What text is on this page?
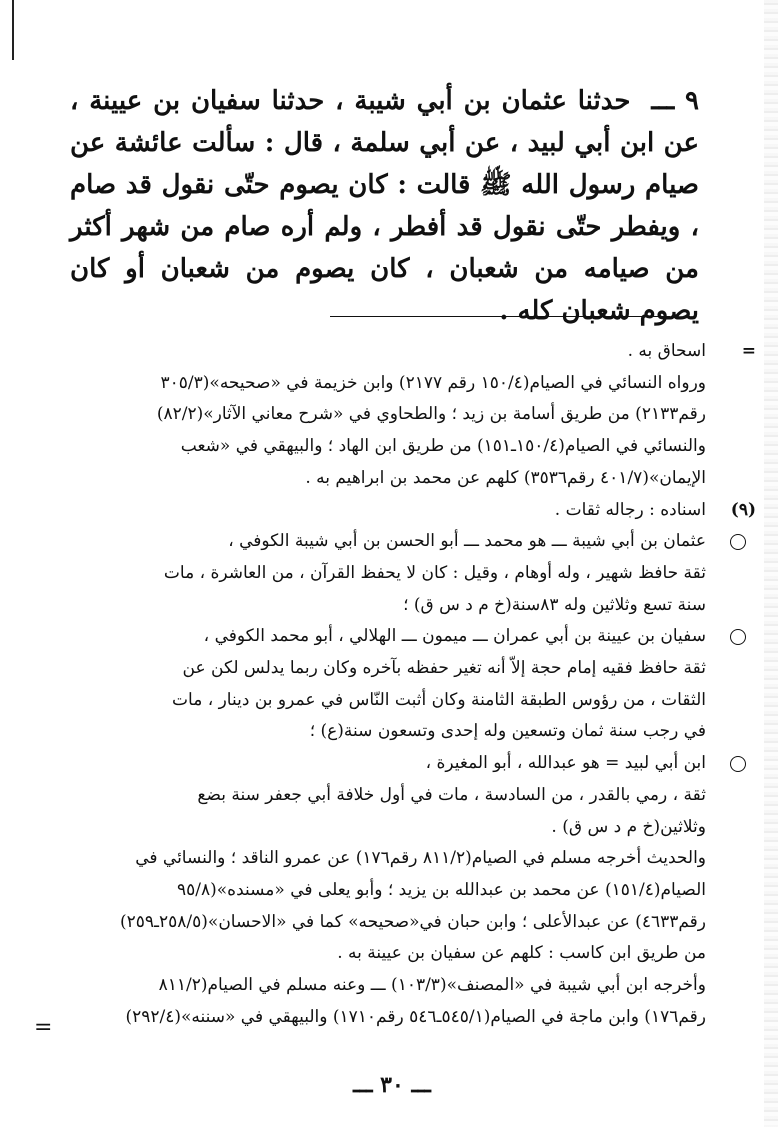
٩ ـــ حدثنا عثمان بن أبي شيبة ، حدثنا سفيان بن عيينة ، عن ابن أبي لبيد ، عن أبي سلمة ، قال : سألت عائشة عن صيام رسول الله ﷺ قالت : كان يصوم حتّى نقول قد صام ، ويفطر حتّى نقول قد أفطر ، ولم أره صام من شهر أكثر من صيامه من شعبان ، كان يصوم من شعبان أو كان يصوم شعبان كله .

=
اسحاق به .
ورواه النسائي في الصيام(١٥٠/٤ رقم ٢١٧٧) وابن خزيمة في «صحيحه»(٣٠٥/٣
رقم٢١٣٣) من طريق أسامة بن زيد ؛ والطحاوي في «شرح معاني الآثار»(٨٢/٢)
والنسائي في الصيام(١٥٠/٤ـ١٥١) من طريق ابن الهاد ؛ والبيهقي في «شعب
الإيمان»(٤٠١/٧ رقم٣٥٣٦) كلهم عن محمد بن ابراهيم به .
(٩)
اسناده : رجاله ثقات .
عثمان بن أبي شيبة ـــ هو محمد ـــ أبو الحسن بن أبي شيبة الكوفي ،
ثقة حافظ شهير ، وله أوهام ، وقيل : كان لا يحفظ القرآن ، من العاشرة ، مات
سنة تسع وثلاثين وله ٨٣سنة(خ م د س ق) ؛
سفيان بن عيينة بن أبي عمران ـــ ميمون ـــ الهلالي ، أبو محمد الكوفي ،
ثقة حافظ فقيه إمام حجة إلاّ أنه تغير حفظه بآخره وكان ربما يدلس لكن عن
الثقات ، من رؤوس الطبقة الثامنة وكان أثبت النّاس في عمرو بن دينار ، مات
في رجب سنة ثمان وتسعين وله إحدى وتسعون سنة(ع) ؛
ابن أبي لبيد = هو عبدالله ، أبو المغيرة ،
ثقة ، رمي بالقدر ، من السادسة ، مات في أول خلافة أبي جعفر سنة بضع
وثلاثين(خ م د س ق) .
والحديث أخرجه مسلم في الصيام(٨١١/٢ رقم١٧٦) عن عمرو الناقد ؛ والنسائي في
الصيام(١٥١/٤) عن محمد بن عبدالله بن يزيد ؛ وأبو يعلى في «مسنده»(٩٥/٨
رقم٤٦٣٣) عن عبدالأعلى ؛ وابن حبان في«صحيحه» كما في «الاحسان»(٢٥٨/٥ـ٢٥٩)
من طريق ابن كاسب : كلهم عن سفيان بن عيينة به .
وأخرجه ابن أبي شيبة في «المصنف»(١٠٣/٣) ـــ وعنه مسلم في الصيام(٨١١/٢
رقم١٧٦) وابن ماجة في الصيام(٥٤٥/١ـ٥٤٦ رقم١٧١٠) والبيهقي في «سننه»(٢٩٢/٤)
=
ـــ ٣٠ ـــ
